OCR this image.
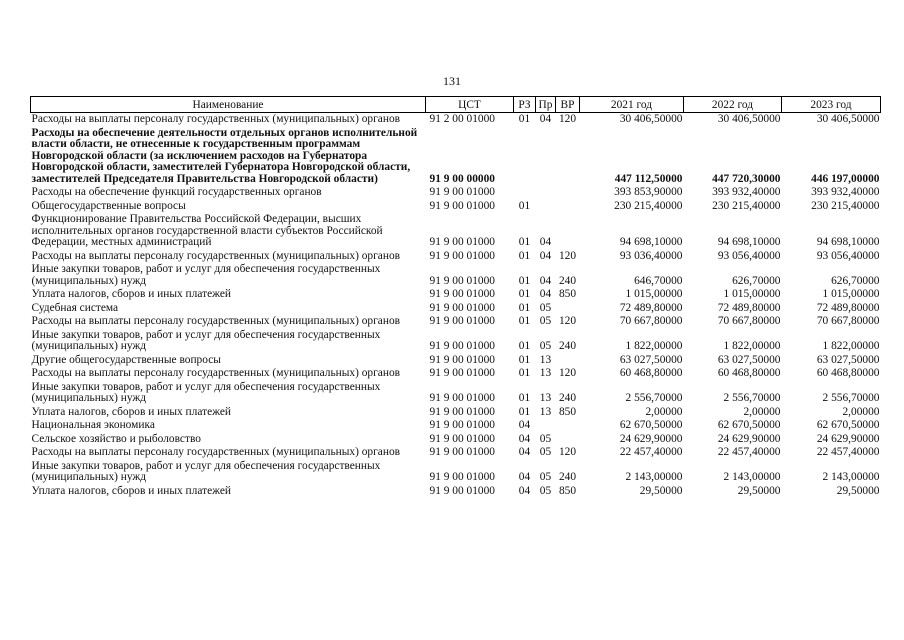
131
Наименование	ЦСТ	РЗ	Пр	ВР	2021 год	2022 год	2023 год
Расходы на выплаты персоналу государственных (муниципальных) органов	91 2 00 01000	01	04	120	30 406,50000	30 406,50000	30 406,50000
Расходы на обеспечение деятельности отдельных органов исполнительной власти области, не отнесенные к государственным программам Новгородской области (за исключением расходов на Губернатора Новгородской области, заместителей Губернатора Новгородской области, заместителей Председателя Правительства Новгородской области)	91 9 00 00000				447 112,50000	447 720,30000	446 197,00000
Расходы на обеспечение функций государственных органов	91 9 00 01000				393 853,90000	393 932,40000	393 932,40000
Общегосударственные вопросы	91 9 00 01000	01			230 215,40000	230 215,40000	230 215,40000
Функционирование Правительства Российской Федерации, высших исполнительных органов государственной власти субъектов Российской Федерации, местных администраций	91 9 00 01000	01	04		94 698,10000	94 698,10000	94 698,10000
Расходы на выплаты персоналу государственных (муниципальных) органов	91 9 00 01000	01	04	120	93 036,40000	93 056,40000	93 056,40000
Иные закупки товаров, работ и услуг для обеспечения государственных (муниципальных) нужд	91 9 00 01000	01	04	240	646,70000	626,70000	626,70000
Уплата налогов, сборов и иных платежей	91 9 00 01000	01	04	850	1 015,00000	1 015,00000	1 015,00000
Судебная система	91 9 00 01000	01	05		72 489,80000	72 489,80000	72 489,80000
Расходы на выплаты персоналу государственных (муниципальных) органов	91 9 00 01000	01	05	120	70 667,80000	70 667,80000	70 667,80000
Иные закупки товаров, работ и услуг для обеспечения государственных (муниципальных) нужд	91 9 00 01000	01	05	240	1 822,00000	1 822,00000	1 822,00000
Другие общегосударственные вопросы	91 9 00 01000	01	13		63 027,50000	63 027,50000	63 027,50000
Расходы на выплаты персоналу государственных (муниципальных) органов	91 9 00 01000	01	13	120	60 468,80000	60 468,80000	60 468,80000
Иные закупки товаров, работ и услуг для обеспечения государственных (муниципальных) нужд	91 9 00 01000	01	13	240	2 556,70000	2 556,70000	2 556,70000
Уплата налогов, сборов и иных платежей	91 9 00 01000	01	13	850	2,00000	2,00000	2,00000
Национальная экономика	91 9 00 01000	04			62 670,50000	62 670,50000	62 670,50000
Сельское хозяйство и рыболовство	91 9 00 01000	04	05		24 629,90000	24 629,90000	24 629,90000
Расходы на выплаты персоналу государственных (муниципальных) органов	91 9 00 01000	04	05	120	22 457,40000	22 457,40000	22 457,40000
Иные закупки товаров, работ и услуг для обеспечения государственных (муниципальных) нужд	91 9 00 01000	04	05	240	2 143,00000	2 143,00000	2 143,00000
Уплата налогов, сборов и иных платежей	91 9 00 01000	04	05	850	29,50000	29,50000	29,50000
